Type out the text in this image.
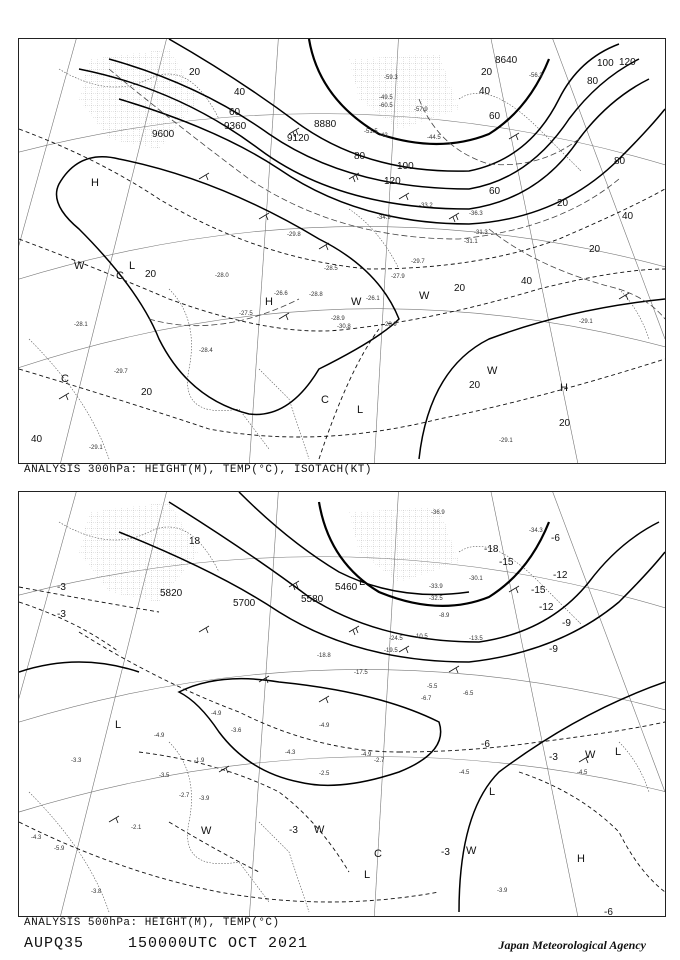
9600
8880
8640
9360
9120
20
40
60
80
100
120
20
40
60
80
100 120
20
40
20
20
20
20
40
20
60
80
20
40
H
H
H
L
L
C
C
C
W
W	W
W
-28.1
-29.7
-29.1
-28.4
-28.0
-27.5
-26.1
-28.9
-30.8
-29.8
-26.6	-28.8
-27.9
-28.5
-31.1
-36.3
-33.2
-34.9
-42	-44.5
-49.5
-51.5
-59.3	-56.3
-60.5
-57.9
-29.1
-29.1
-29.7
-31.3
-28.9
ANALYSIS 300hPa: HEIGHT(M), TEMP(°C), ISOTACH(KT)
5820
5700	5580
5460
18
-3
-3
-6
-6
-9
-12
-15
-3
-3
-3
-6
-9
-12
-15
-18
H
L
L
L
L
L
C
W	W
W
W
-4.3
-5.9
-3.8
-2.1
-3.9
-2.7
-3.3	-1.9
-4.9
-3.5
-4.9
-3.6
-2.5
-4.3
-4.9
-2.7
-4.9
-4.5
-3.9
-4.5
-6.5
-5.5
-6.7
-13.5
-10.5
-8.9
-17.5
-18.8
-24.5
-19.5
-32.5
-30.1
-36.9
-34.3
-33.9
ANALYSIS 500hPa: HEIGHT(M), TEMP(°C)
AUPQ35	150000UTC OCT 2021	Japan Meteorological Agency
